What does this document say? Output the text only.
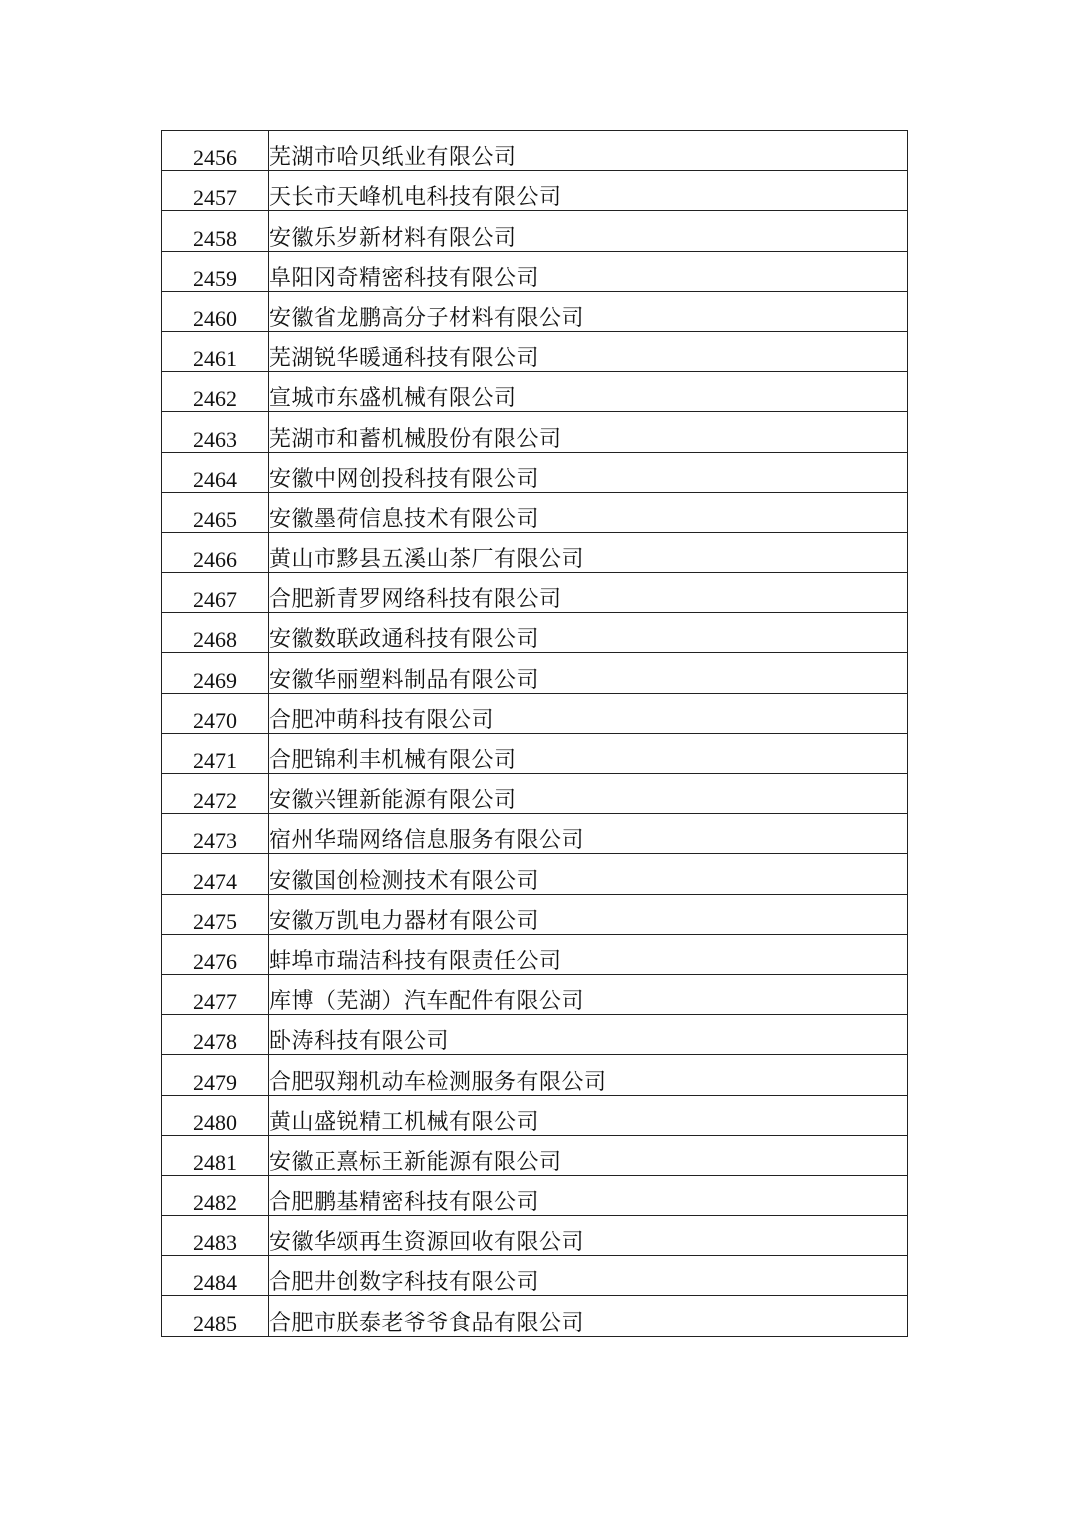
2456	芜湖市哈贝纸业有限公司
2457	天长市天峰机电科技有限公司
2458	安徽乐岁新材料有限公司
2459	阜阳冈奇精密科技有限公司
2460	安徽省龙鹏高分子材料有限公司
2461	芜湖锐华暖通科技有限公司
2462	宣城市东盛机械有限公司
2463	芜湖市和蓄机械股份有限公司
2464	安徽中网创投科技有限公司
2465	安徽墨荷信息技术有限公司
2466	黄山市黟县五溪山茶厂有限公司
2467	合肥新青罗网络科技有限公司
2468	安徽数联政通科技有限公司
2469	安徽华丽塑料制品有限公司
2470	合肥冲萌科技有限公司
2471	合肥锦利丰机械有限公司
2472	安徽兴锂新能源有限公司
2473	宿州华瑞网络信息服务有限公司
2474	安徽国创检测技术有限公司
2475	安徽万凯电力器材有限公司
2476	蚌埠市瑞洁科技有限责任公司
2477	库博（芜湖）汽车配件有限公司
2478	卧涛科技有限公司
2479	合肥驭翔机动车检测服务有限公司
2480	黄山盛锐精工机械有限公司
2481	安徽正熹标王新能源有限公司
2482	合肥鹏基精密科技有限公司
2483	安徽华颂再生资源回收有限公司
2484	合肥井创数字科技有限公司
2485	合肥市朕泰老爷爷食品有限公司
